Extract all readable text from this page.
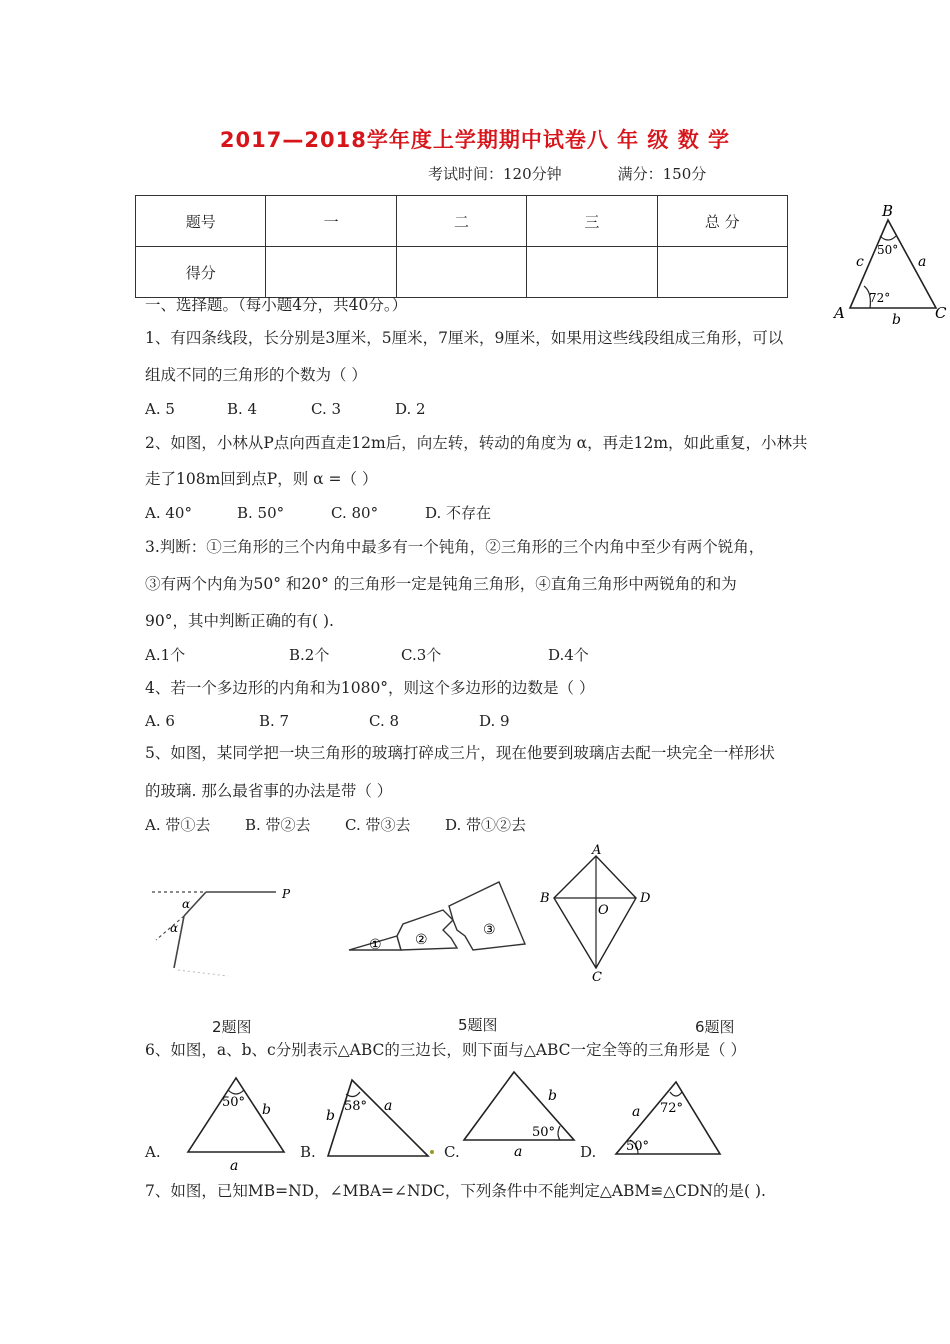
2017—2018学年度上学期期中试卷八 年 级 数 学
考试时间：120分钟	满分：150分
题号	一	二	三	总 分
得分				
B
A	C
c	a
b
50°
72°
一、选择题。（每小题4分，共40分。）
1、有四条线段，长分别是3厘米，5厘米，7厘米，9厘米，如果用这些线段组成三角形，可以
组成不同的三角形的个数为（ ）
A. 5	B. 4	C. 3	D. 2
2、如图，小林从P点向西直走12m后，向左转，转动的角度为 α，再走12m，如此重复，小林共
走了108m回到点P，则 α =（ ）
A. 40°	B. 50°	C. 80°	D. 不存在
3.判断：①三角形的三个内角中最多有一个钝角，②三角形的三个内角中至少有两个锐角，
③有两个内角为50° 和20° 的三角形一定是钝角三角形，④直角三角形中两锐角的和为
90°，其中判断正确的有( ).
A.1个	B.2个	C.3个	D.4个
4、若一个多边形的内角和为1080°，则这个多边形的边数是（ ）
A. 6	B. 7	C. 8	D. 9
5、如图，某同学把一块三角形的玻璃打碎成三片，现在他要到玻璃店去配一块完全一样形状
的玻璃. 那么最省事的办法是带（ ）
A. 带①去 B. 带②去 C. 带③去 D. 带①②去
P
α
α
① ②
③
A
B	D
C
O
2题图	5题图	6题图
6、如图，a、b、c分别表示△ABC的三边长，则下面与△ABC一定全等的三角形是（ ）
A.
50° b
a
B.
58°
b
a
C.
50°
b
a	D.
72°
50°
a
7、如图，已知MB=ND，∠MBA=∠NDC，下列条件中不能判定△ABM≌△CDN的是( ).
